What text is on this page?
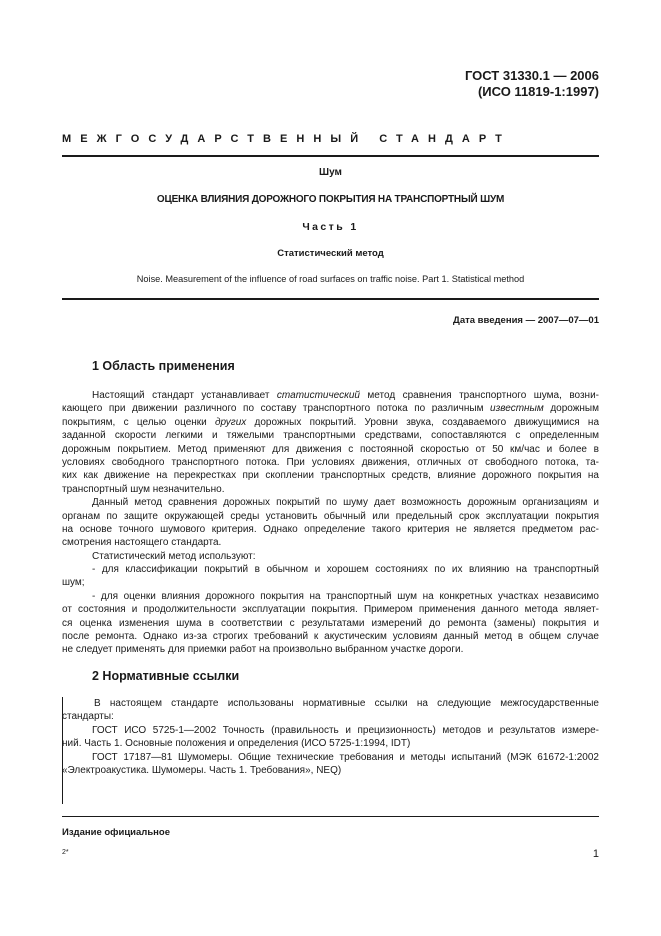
ГОСТ 31330.1 — 2006
(ИСО 11819-1:1997)
МЕЖГОСУДАРСТВЕННЫЙ СТАНДАРТ
Шум
ОЦЕНКА ВЛИЯНИЯ ДОРОЖНОГО ПОКРЫТИЯ НА ТРАНСПОРТНЫЙ ШУМ
Часть 1
Статистический метод
Noise. Measurement of the influence of road surfaces on traffic noise. Part 1. Statistical method
Дата введения — 2007—07—01
1 Область применения
Настоящий стандарт устанавливает статистический метод сравнения транспортного шума, возни-
кающего при движении различного по составу транспортного потока по различным известным дорожным
покрытиям, с целью оценки других дорожных покрытий. Уровни звука, создаваемого движущимися на
заданной скорости легкими и тяжелыми транспортными средствами, сопоставляются с определенным
дорожным покрытием. Метод применяют для движения с постоянной скоростью от 50 км/час и более в
условиях свободного транспортного потока. При условиях движения, отличных от свободного потока, та-
ких как движение на перекрестках при скоплении транспортных средств, влияние дорожного покрытия на
транспортный шум незначительно.
Данный метод сравнения дорожных покрытий по шуму дает возможность дорожным организациям и
органам по защите окружающей среды установить обычный или предельный срок эксплуатации покрытия
на основе точного шумового критерия. Однако определение такого критерия не является предметом рас-
смотрения настоящего стандарта.
Статистический метод используют:
- для классификации покрытий в обычном и хорошем состояниях по их влиянию на транспортный
шум;
- для оценки влияния дорожного покрытия на транспортный шум на конкретных участках независимо
от состояния и продолжительности эксплуатации покрытия. Примером применения данного метода являет-
ся оценка изменения шума в соответствии с результатами измерений до ремонта (замены) покрытия и
после ремонта. Однако из-за строгих требований к акустическим условиям данный метод в общем случае
не следует применять для приемки работ на произвольно выбранном участке дороги.
2 Нормативные ссылки
В настоящем стандарте использованы нормативные ссылки на следующие межгосударственные
стандарты:
ГОСТ ИСО 5725-1—2002 Точность (правильность и прецизионность) методов и результатов измере-
ний. Часть 1. Основные положения и определения (ИСО 5725-1:1994, IDT)
ГОСТ 17187—81 Шумомеры. Общие технические требования и методы испытаний (МЭК 61672-1:2002
«Электроакустика. Шумомеры. Часть 1. Требования», NEQ)
Издание официальное
2*	1
